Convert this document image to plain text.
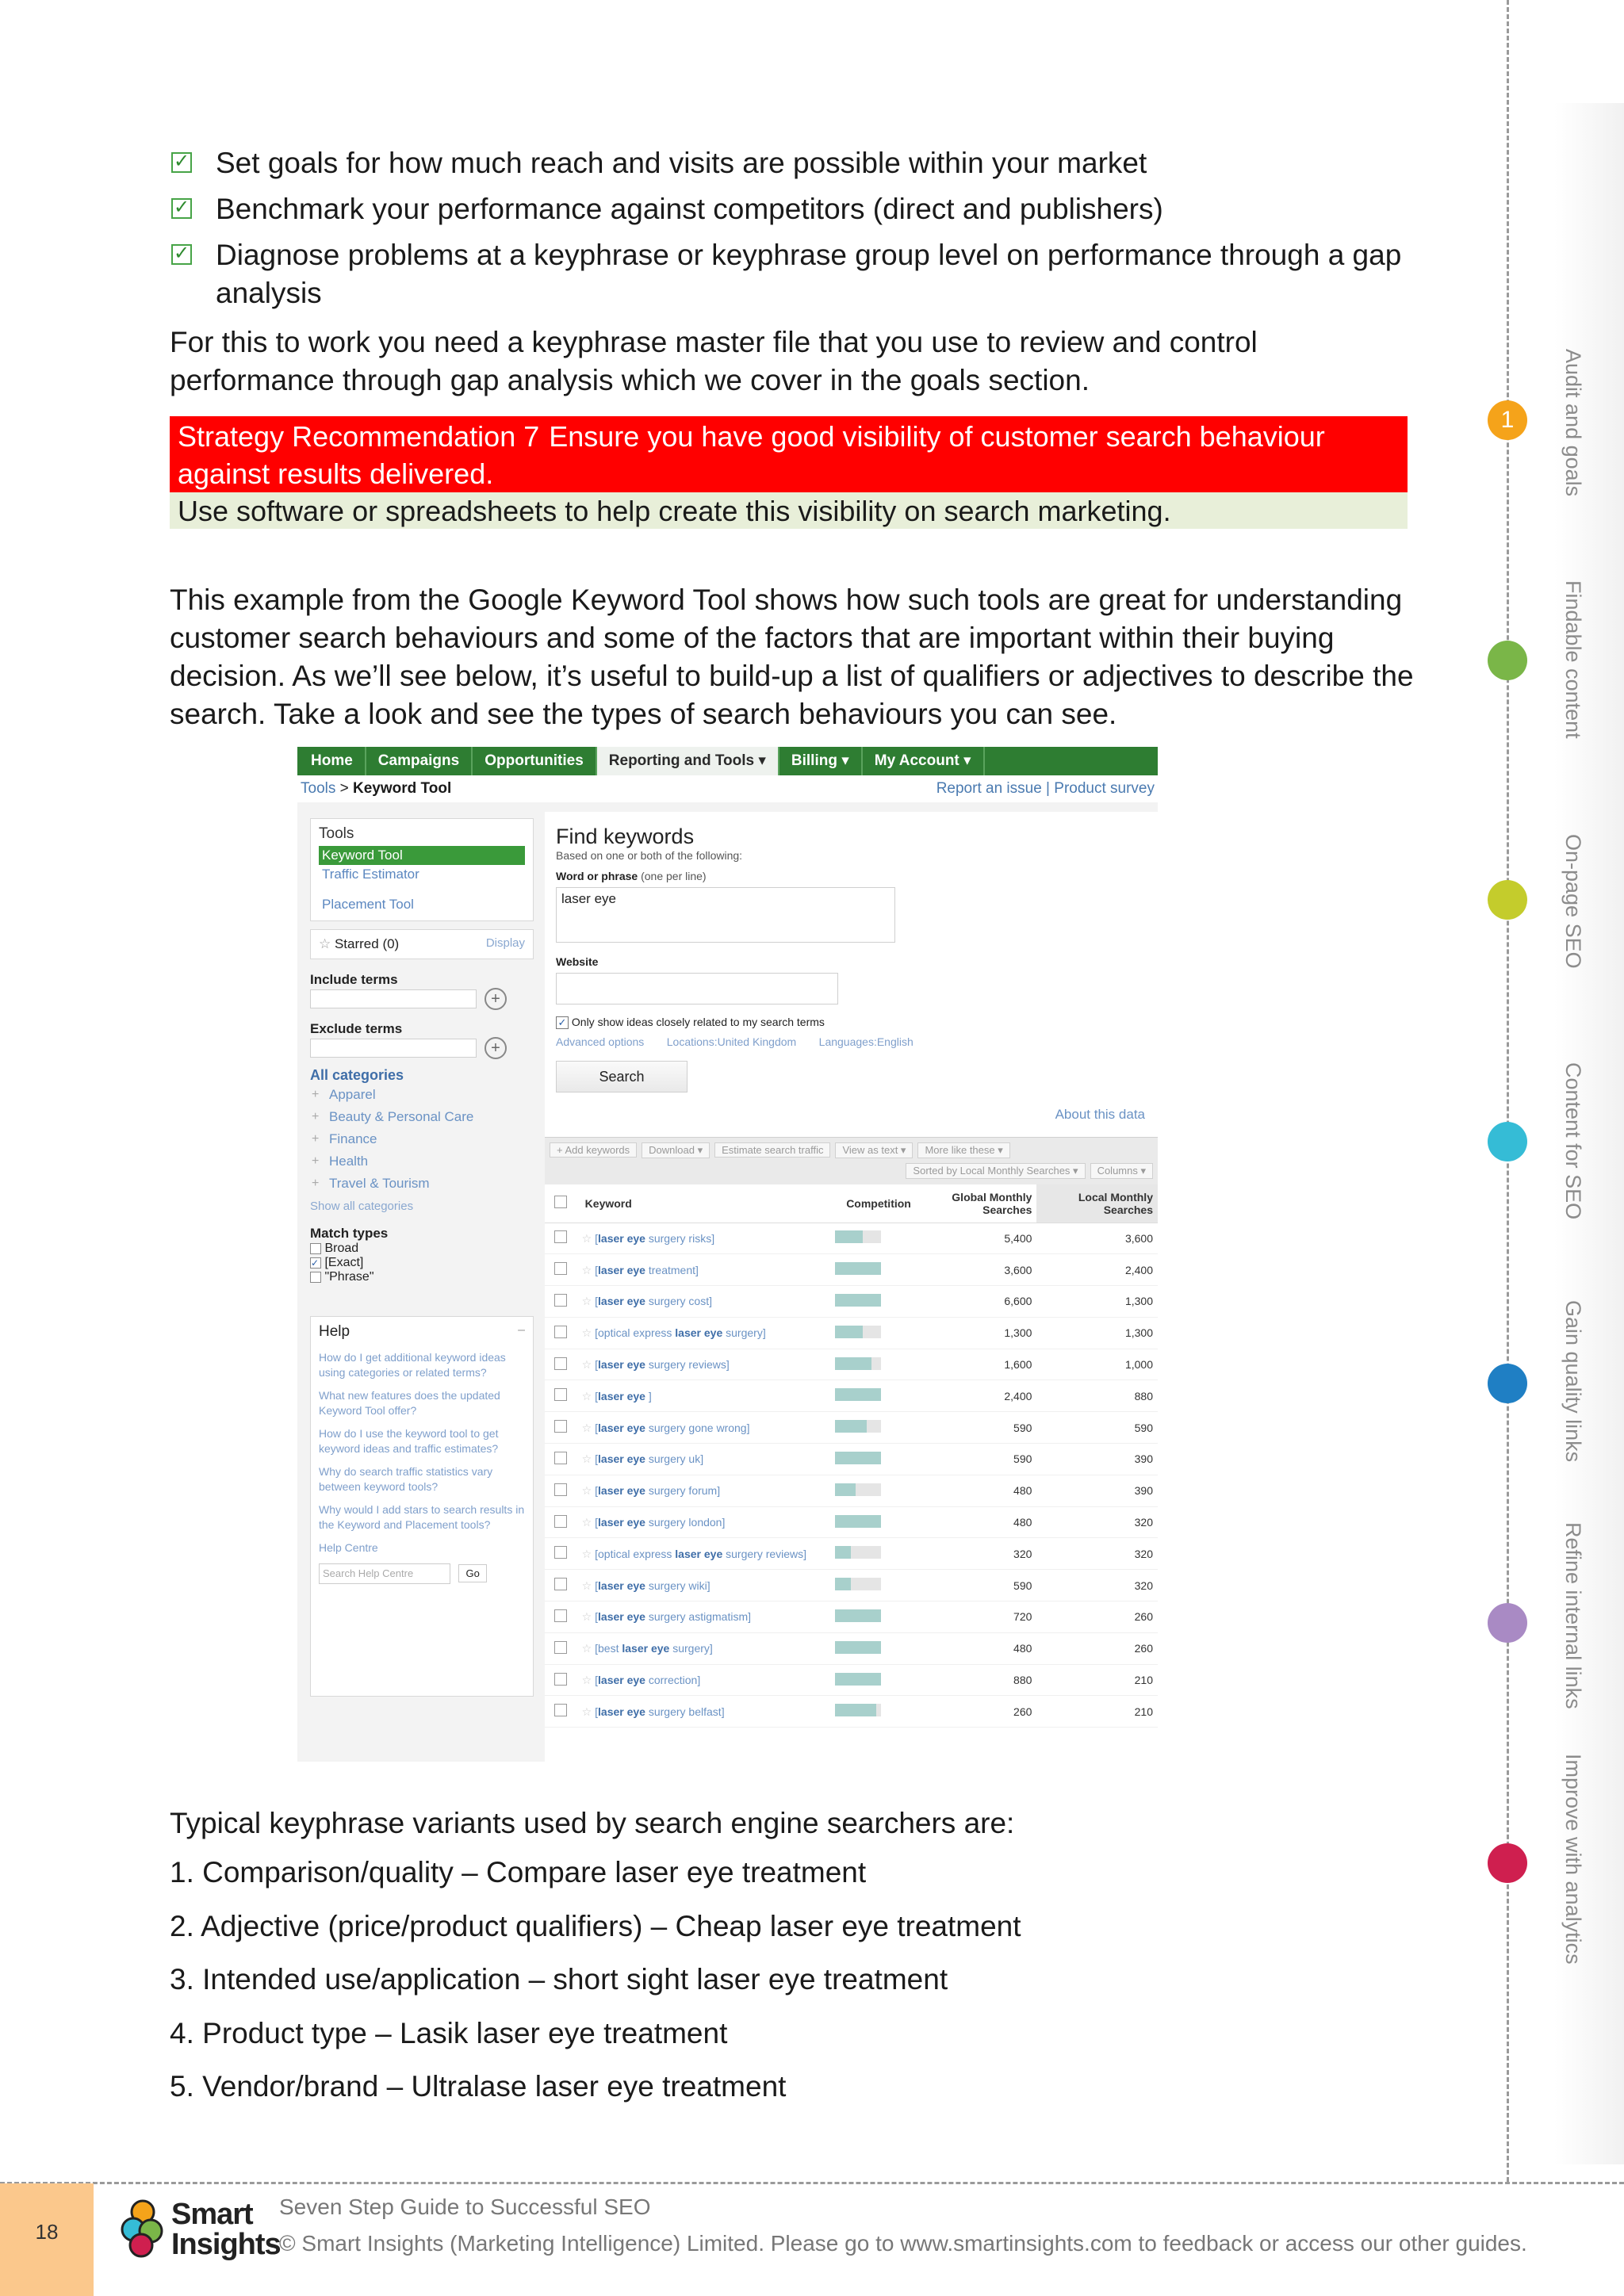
1	Audit and goals
Findable content
On-page SEO
Content for SEO
Gain quality links
Refine internal links
Improve with analytics
✓ Set goals for how much reach and visits are possible within your market
✓ Benchmark your performance against competitors (direct and publishers)
✓ Diagnose problems at a keyphrase or keyphrase group level on performance through a gap analysis

For this to work you need a keyphrase master file that you use to review and control performance through gap analysis which we cover in the goals section.

Strategy Recommendation 7 Ensure you have good visibility of customer search behaviour against results delivered.
Use software or spreadsheets to help create this visibility on search marketing.

This example from the Google Keyword Tool shows how such tools are great for understanding customer search behaviours and some of the factors that are important within their buying decision. As we’ll see below, it’s useful to build-up a list of qualifiers or adjectives to describe the search. Take a look and see the types of search behaviours you can see.

Home	Campaigns	Opportunities	Reporting and Tools ▾	Billing ▾	My Account ▾
Tools > Keyword Tool	Report an issue | Product survey
Tools
Keyword Tool
Traffic Estimator
Placement Tool
☆ Starred (0)	Display
Include terms
+
Exclude terms
+
All categories
+ Apparel
+ Beauty & Personal Care
+ Finance
+ Health
+ Travel & Tourism
Show all categories
Match types
Broad
✓ [Exact]
"Phrase"
Help	–
How do I get additional keyword ideas using categories or related terms?
What new features does the updated Keyword Tool offer?
How do I use the keyword tool to get keyword ideas and traffic estimates?
Why do search traffic statistics vary between keyword tools?
Why would I add stars to search results in the Keyword and Placement tools?
Help Centre
Search Help Centre	Go
Find keywords
Based on one or both of the following:
Word or phrase (one per line)
laser eye
Website
✓ Only show ideas closely related to my search terms
Advanced options Locations:United Kingdom Languages:English
Search
About this data
+ Add keywords Download ▾ Estimate search traffic View as text ▾ More like these ▾
Sorted by Local Monthly Searches ▾ Columns ▾
	Keyword	Competition	Global Monthly Searches	Local Monthly Searches
	☆ [laser eye surgery risks]		5,400	3,600
	☆ [laser eye treatment]		3,600	2,400
	☆ [laser eye surgery cost]		6,600	1,300
	☆ [optical express laser eye surgery]		1,300	1,300
	☆ [laser eye surgery reviews]		1,600	1,000
	☆ [laser eye ]		2,400	880
	☆ [laser eye surgery gone wrong]		590	590
	☆ [laser eye surgery uk]		590	390
	☆ [laser eye surgery forum]		480	390
	☆ [laser eye surgery london]		480	320
	☆ [optical express laser eye surgery reviews]		320	320
	☆ [laser eye surgery wiki]		590	320
	☆ [laser eye surgery astigmatism]		720	260
	☆ [best laser eye surgery]		480	260
	☆ [laser eye correction]		880	210
	☆ [laser eye surgery belfast]		260	210

Typical keyphrase variants used by search engine searchers are:

1. Comparison/quality – Compare laser eye treatment
2. Adjective (price/product qualifiers) – Cheap laser eye treatment
3. Intended use/application – short sight laser eye treatment
4. Product type – Lasik laser eye treatment
5. Vendor/brand – Ultralase laser eye treatment
18
Smart
Insights
Seven Step Guide to Successful SEO
© Smart Insights (Marketing Intelligence) Limited. Please go to www.smartinsights.com to feedback or access our other guides.
